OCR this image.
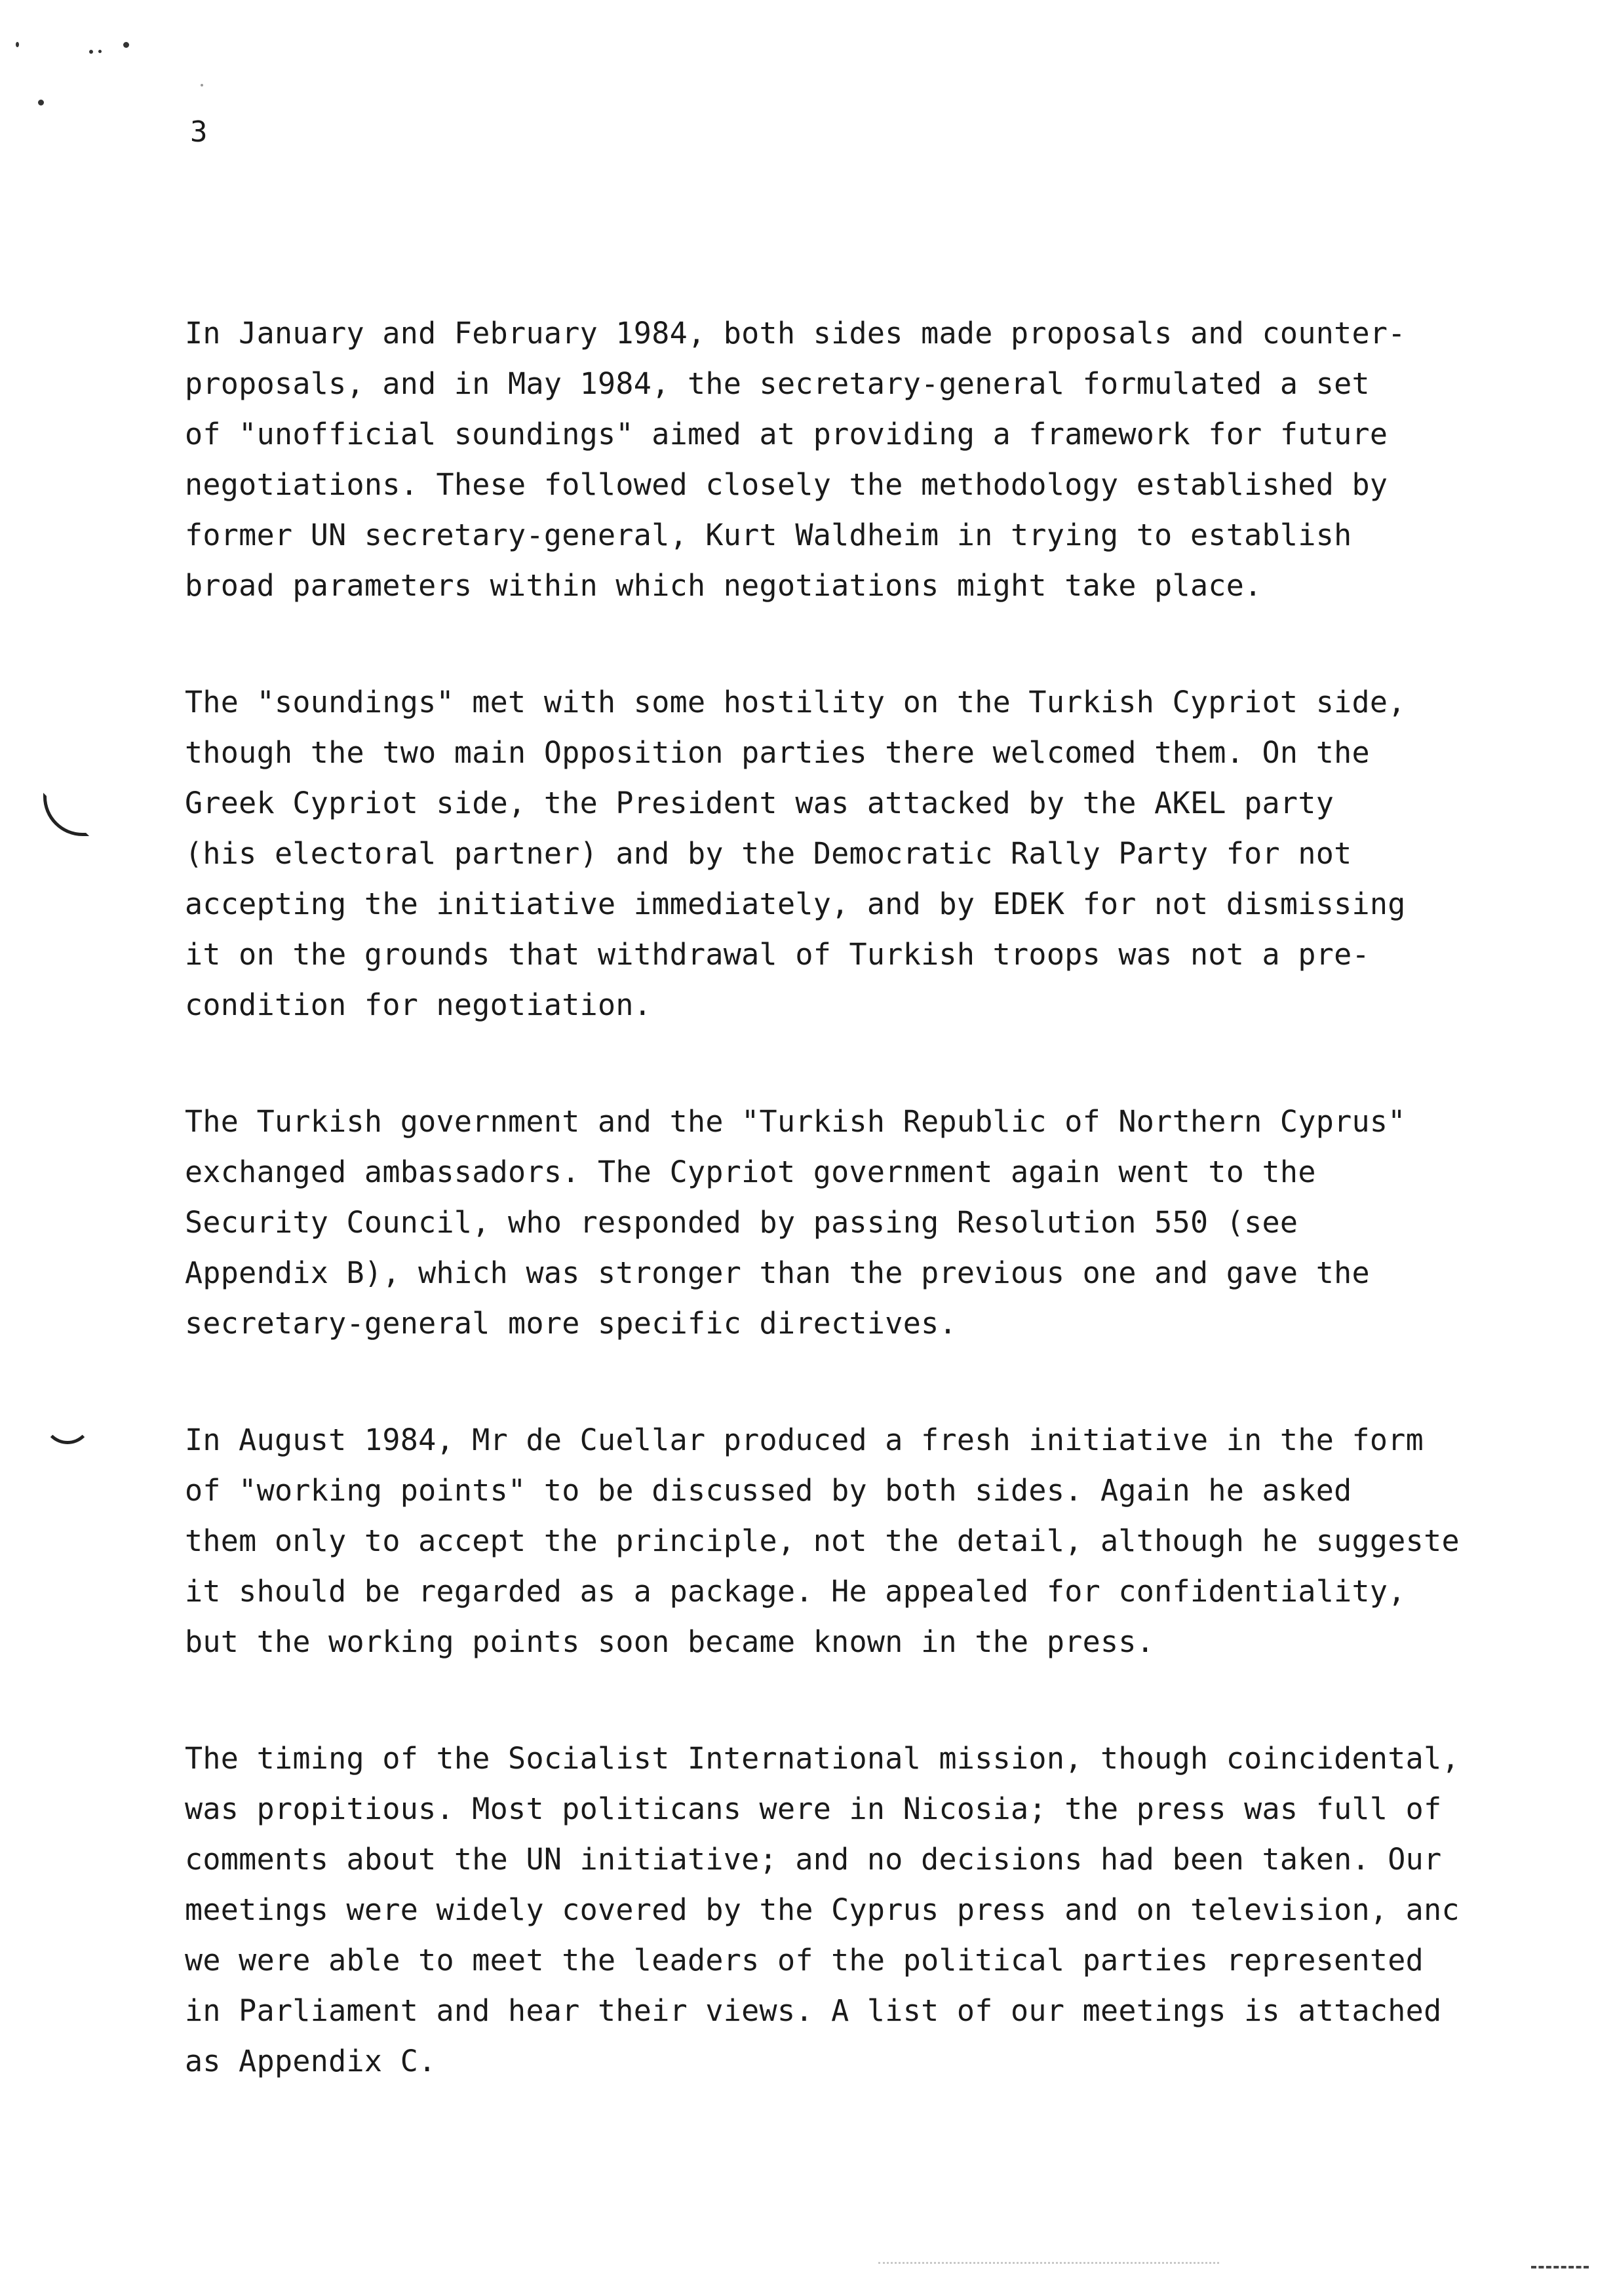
3
In January and February 1984, both sides made proposals and counter-
proposals, and in May 1984, the secretary-general formulated a set
of "unofficial soundings" aimed at providing a framework for future
negotiations. These followed closely the methodology established by
former UN secretary-general, Kurt Waldheim in trying to establish
broad parameters within which negotiations might take place.
The "soundings" met with some hostility on the Turkish Cypriot side,
though the two main Opposition parties there welcomed them. On the
Greek Cypriot side, the President was attacked by the AKEL party
(his electoral partner) and by the Democratic Rally Party for not
accepting the initiative immediately, and by EDEK for not dismissing
it on the grounds that withdrawal of Turkish troops was not a pre-
condition for negotiation.
The Turkish government and the "Turkish Republic of Northern Cyprus"
exchanged ambassadors. The Cypriot government again went to the
Security Council, who responded by passing Resolution 550 (see
Appendix B), which was stronger than the previous one and gave the
secretary-general more specific directives.
In August 1984, Mr de Cuellar produced a fresh initiative in the form
of "working points" to be discussed by both sides. Again he asked
them only to accept the principle, not the detail, although he suggeste
it should be regarded as a package. He appealed for confidentiality,
but the working points soon became known in the press.
The timing of the Socialist International mission, though coincidental,
was propitious. Most politicans were in Nicosia; the press was full of
comments about the UN initiative; and no decisions had been taken. Our
meetings were widely covered by the Cyprus press and on television, anc
we were able to meet the leaders of the political parties represented
in Parliament and hear their views. A list of our meetings is attached
as Appendix C.
